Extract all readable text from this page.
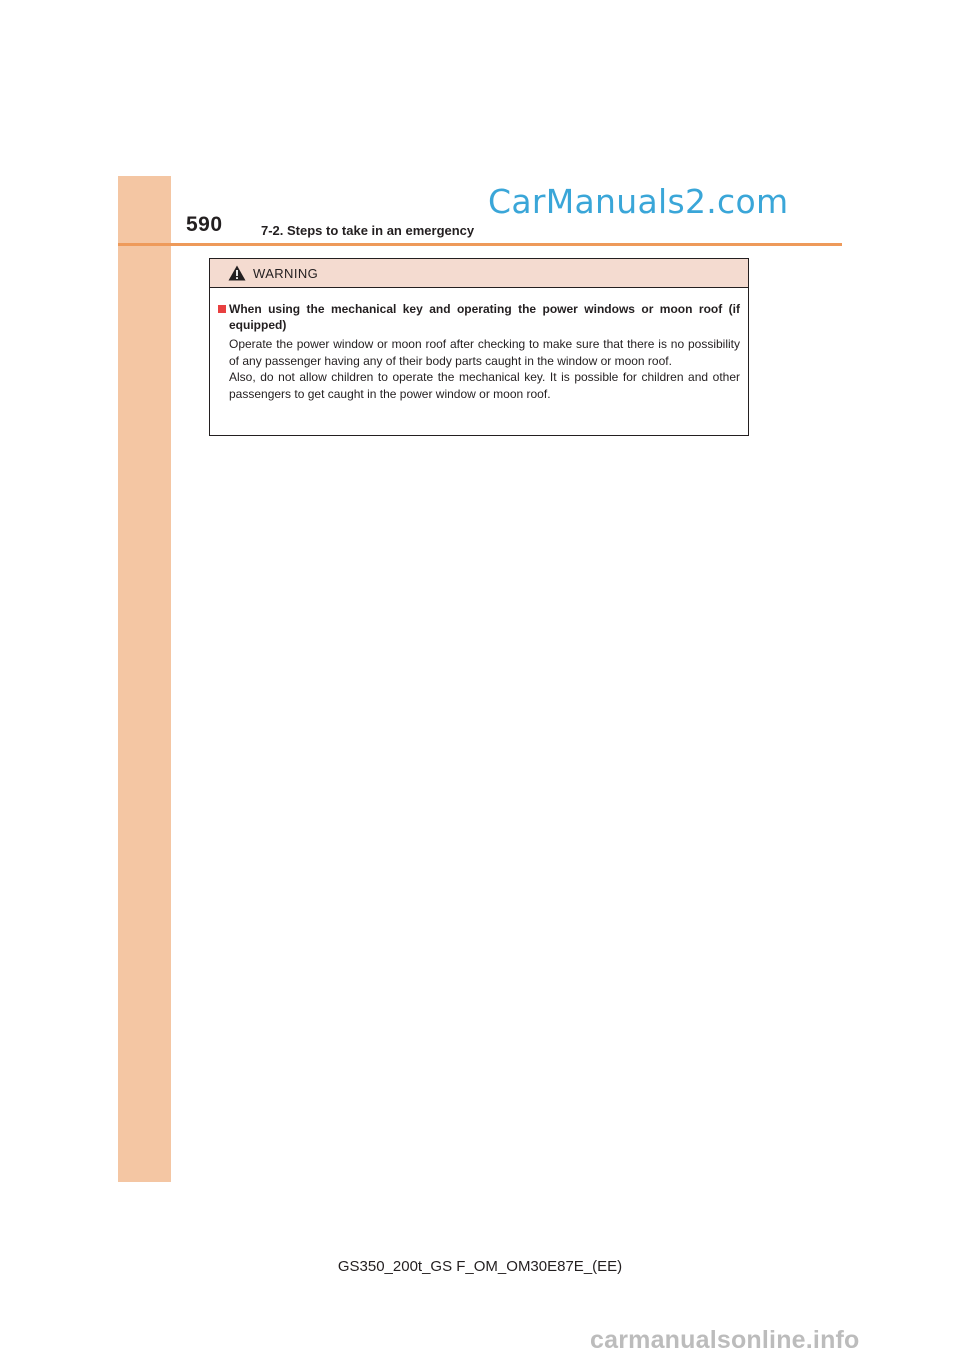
590	7-2. Steps to take in an emergency
CarManuals2.com
WARNING
When using the mechanical key and operating the power windows or moon roof (if equipped)
Operate the power window or moon roof after checking to make sure that there is no possibility of any passenger having any of their body parts caught in the window or moon roof.
Also, do not allow children to operate the mechanical key. It is possible for children and other passengers to get caught in the power window or moon roof.
GS350_200t_GS F_OM_OM30E87E_(EE)
carmanualsonline.info
